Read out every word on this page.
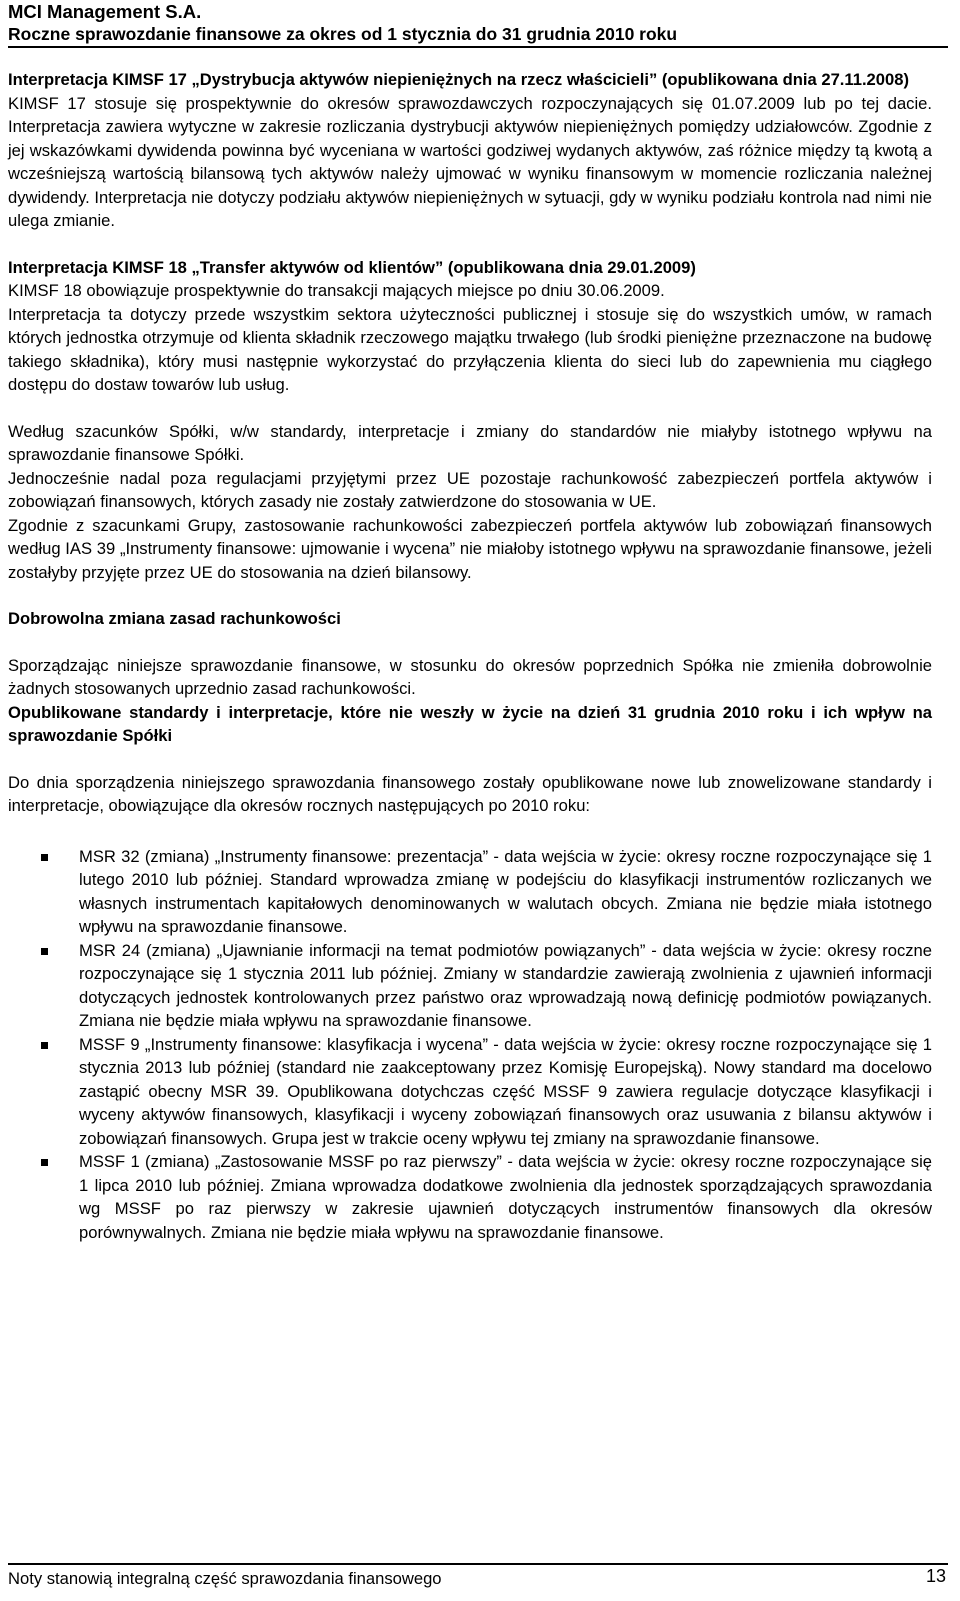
MCI Management S.A.
Roczne sprawozdanie finansowe za okres od 1 stycznia do 31 grudnia 2010 roku

Interpretacja KIMSF 17 „Dystrybucja aktywów niepieniężnych na rzecz właścicieli” (opublikowana dnia 27.11.2008)

KIMSF 17 stosuje się prospektywnie do okresów sprawozdawczych rozpoczynających się 01.07.2009 lub po tej dacie. Interpretacja zawiera wytyczne w zakresie rozliczania dystrybucji aktywów niepieniężnych pomiędzy udziałowców. Zgodnie z jej wskazówkami dywidenda powinna być wyceniana w wartości godziwej wydanych aktywów, zaś różnice między tą kwotą a wcześniejszą wartością bilansową tych aktywów należy ujmować w wyniku finansowym w momencie rozliczania należnej dywidendy. Interpretacja nie dotyczy podziału aktywów niepieniężnych w sytuacji, gdy w wyniku podziału kontrola nad nimi nie ulega zmianie.

Interpretacja KIMSF 18 „Transfer aktywów od klientów” (opublikowana dnia 29.01.2009)

KIMSF 18 obowiązuje prospektywnie do transakcji mających miejsce po dniu 30.06.2009.

Interpretacja ta dotyczy przede wszystkim sektora użyteczności publicznej i stosuje się do wszystkich umów, w ramach których jednostka otrzymuje od klienta składnik rzeczowego majątku trwałego (lub środki pieniężne przeznaczone na budowę takiego składnika), który musi następnie wykorzystać do przyłączenia klienta do sieci lub do zapewnienia mu ciągłego dostępu do dostaw towarów lub usług.

Według szacunków Spółki, w/w standardy, interpretacje i zmiany do standardów nie miałyby istotnego wpływu na sprawozdanie finansowe Spółki.

Jednocześnie nadal poza regulacjami przyjętymi przez UE pozostaje rachunkowość zabezpieczeń portfela aktywów i zobowiązań finansowych, których zasady nie zostały zatwierdzone do stosowania w UE.

Zgodnie z szacunkami Grupy, zastosowanie rachunkowości zabezpieczeń portfela aktywów lub zobowiązań finansowych według IAS 39 „Instrumenty finansowe: ujmowanie i wycena” nie miałoby istotnego wpływu na sprawozdanie finansowe, jeżeli zostałyby przyjęte przez UE do stosowania na dzień bilansowy.

Dobrowolna zmiana zasad rachunkowości

Sporządzając niniejsze sprawozdanie finansowe, w stosunku do okresów poprzednich Spółka nie zmieniła dobrowolnie żadnych stosowanych uprzednio zasad rachunkowości.

Opublikowane standardy i interpretacje, które nie weszły w życie na dzień 31 grudnia 2010 roku i ich wpływ na sprawozdanie Spółki

Do dnia sporządzenia niniejszego sprawozdania finansowego zostały opublikowane nowe lub znowelizowane standardy i interpretacje, obowiązujące dla okresów rocznych następujących po 2010 roku:

MSR 32 (zmiana) „Instrumenty finansowe: prezentacja” - data wejścia w życie: okresy roczne rozpoczynające się 1 lutego 2010 lub później. Standard wprowadza zmianę w podejściu do klasyfikacji instrumentów rozliczanych we własnych instrumentach kapitałowych denominowanych w walutach obcych. Zmiana nie będzie miała istotnego wpływu na sprawozdanie finansowe.
MSR 24 (zmiana) „Ujawnianie informacji na temat podmiotów powiązanych” - data wejścia w życie: okresy roczne rozpoczynające się 1 stycznia 2011 lub później. Zmiany w standardzie zawierają zwolnienia z ujawnień informacji dotyczących jednostek kontrolowanych przez państwo oraz wprowadzają nową definicję podmiotów powiązanych. Zmiana nie będzie miała wpływu na sprawozdanie finansowe.
MSSF 9 „Instrumenty finansowe: klasyfikacja i wycena” - data wejścia w życie: okresy roczne rozpoczynające się 1 stycznia 2013 lub później (standard nie zaakceptowany przez Komisję Europejską). Nowy standard ma docelowo zastąpić obecny MSR 39. Opublikowana dotychczas część MSSF 9 zawiera regulacje dotyczące klasyfikacji i wyceny aktywów finansowych, klasyfikacji i wyceny zobowiązań finansowych oraz usuwania z bilansu aktywów i zobowiązań finansowych. Grupa jest w trakcie oceny wpływu tej zmiany na sprawozdanie finansowe.
MSSF 1 (zmiana) „Zastosowanie MSSF po raz pierwszy” - data wejścia w życie: okresy roczne rozpoczynające się 1 lipca 2010 lub później. Zmiana wprowadza dodatkowe zwolnienia dla jednostek sporządzających sprawozdania wg MSSF po raz pierwszy w zakresie ujawnień dotyczących instrumentów finansowych dla okresów porównywalnych. Zmiana nie będzie miała wpływu na sprawozdanie finansowe.
Noty stanowią integralną część sprawozdania finansowego	13
